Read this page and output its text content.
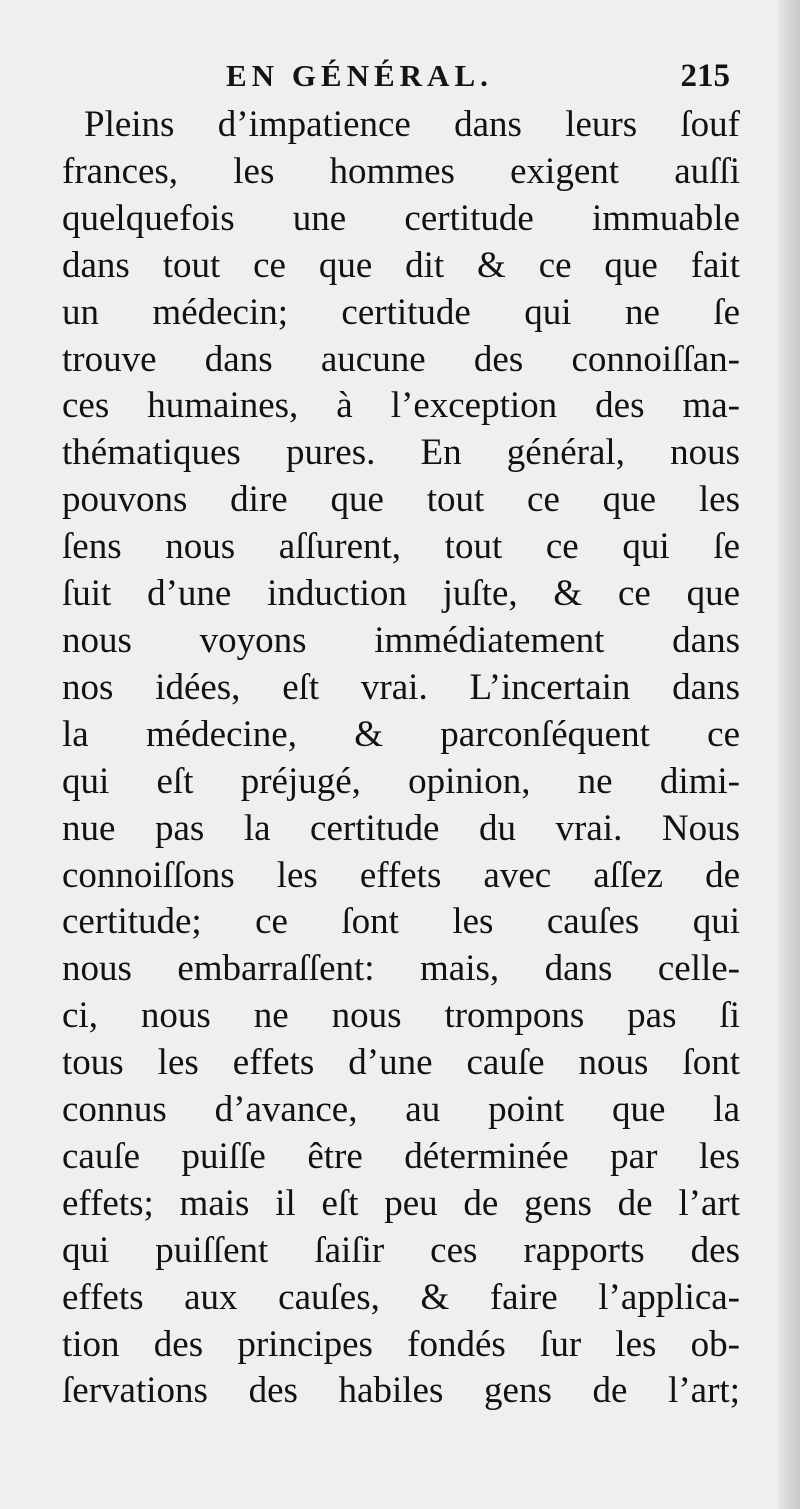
EN GÉNÉRAL.	215
Pleins d’impatience dans leurs ſouf
frances, les hommes exigent auſſi
quelquefois une certitude immuable
dans tout ce que dit & ce que fait
un médecin; certitude qui ne ſe
trouve dans aucune des connoiſſan-
ces humaines, à l’exception des ma-
thématiques pures. En général, nous
pouvons dire que tout ce que les
ſens nous aſſurent, tout ce qui ſe
ſuit d’une induction juſte, & ce que
nous voyons immédiatement dans
nos idées, eſt vrai. L’incertain dans
la médecine, & parconſéquent ce
qui eſt préjugé, opinion, ne dimi-
nue pas la certitude du vrai. Nous
connoiſſons les effets avec aſſez de
certitude; ce ſont les cauſes qui
nous embarraſſent: mais, dans celle-
ci, nous ne nous trompons pas ſi
tous les effets d’une cauſe nous ſont
connus d’avance, au point que la
cauſe puiſſe être déterminée par les
effets; mais il eſt peu de gens de l’art
qui puiſſent ſaiſir ces rapports des
effets aux cauſes, & faire l’applica-
tion des principes fondés ſur les ob-
ſervations des habiles gens de l’art;
